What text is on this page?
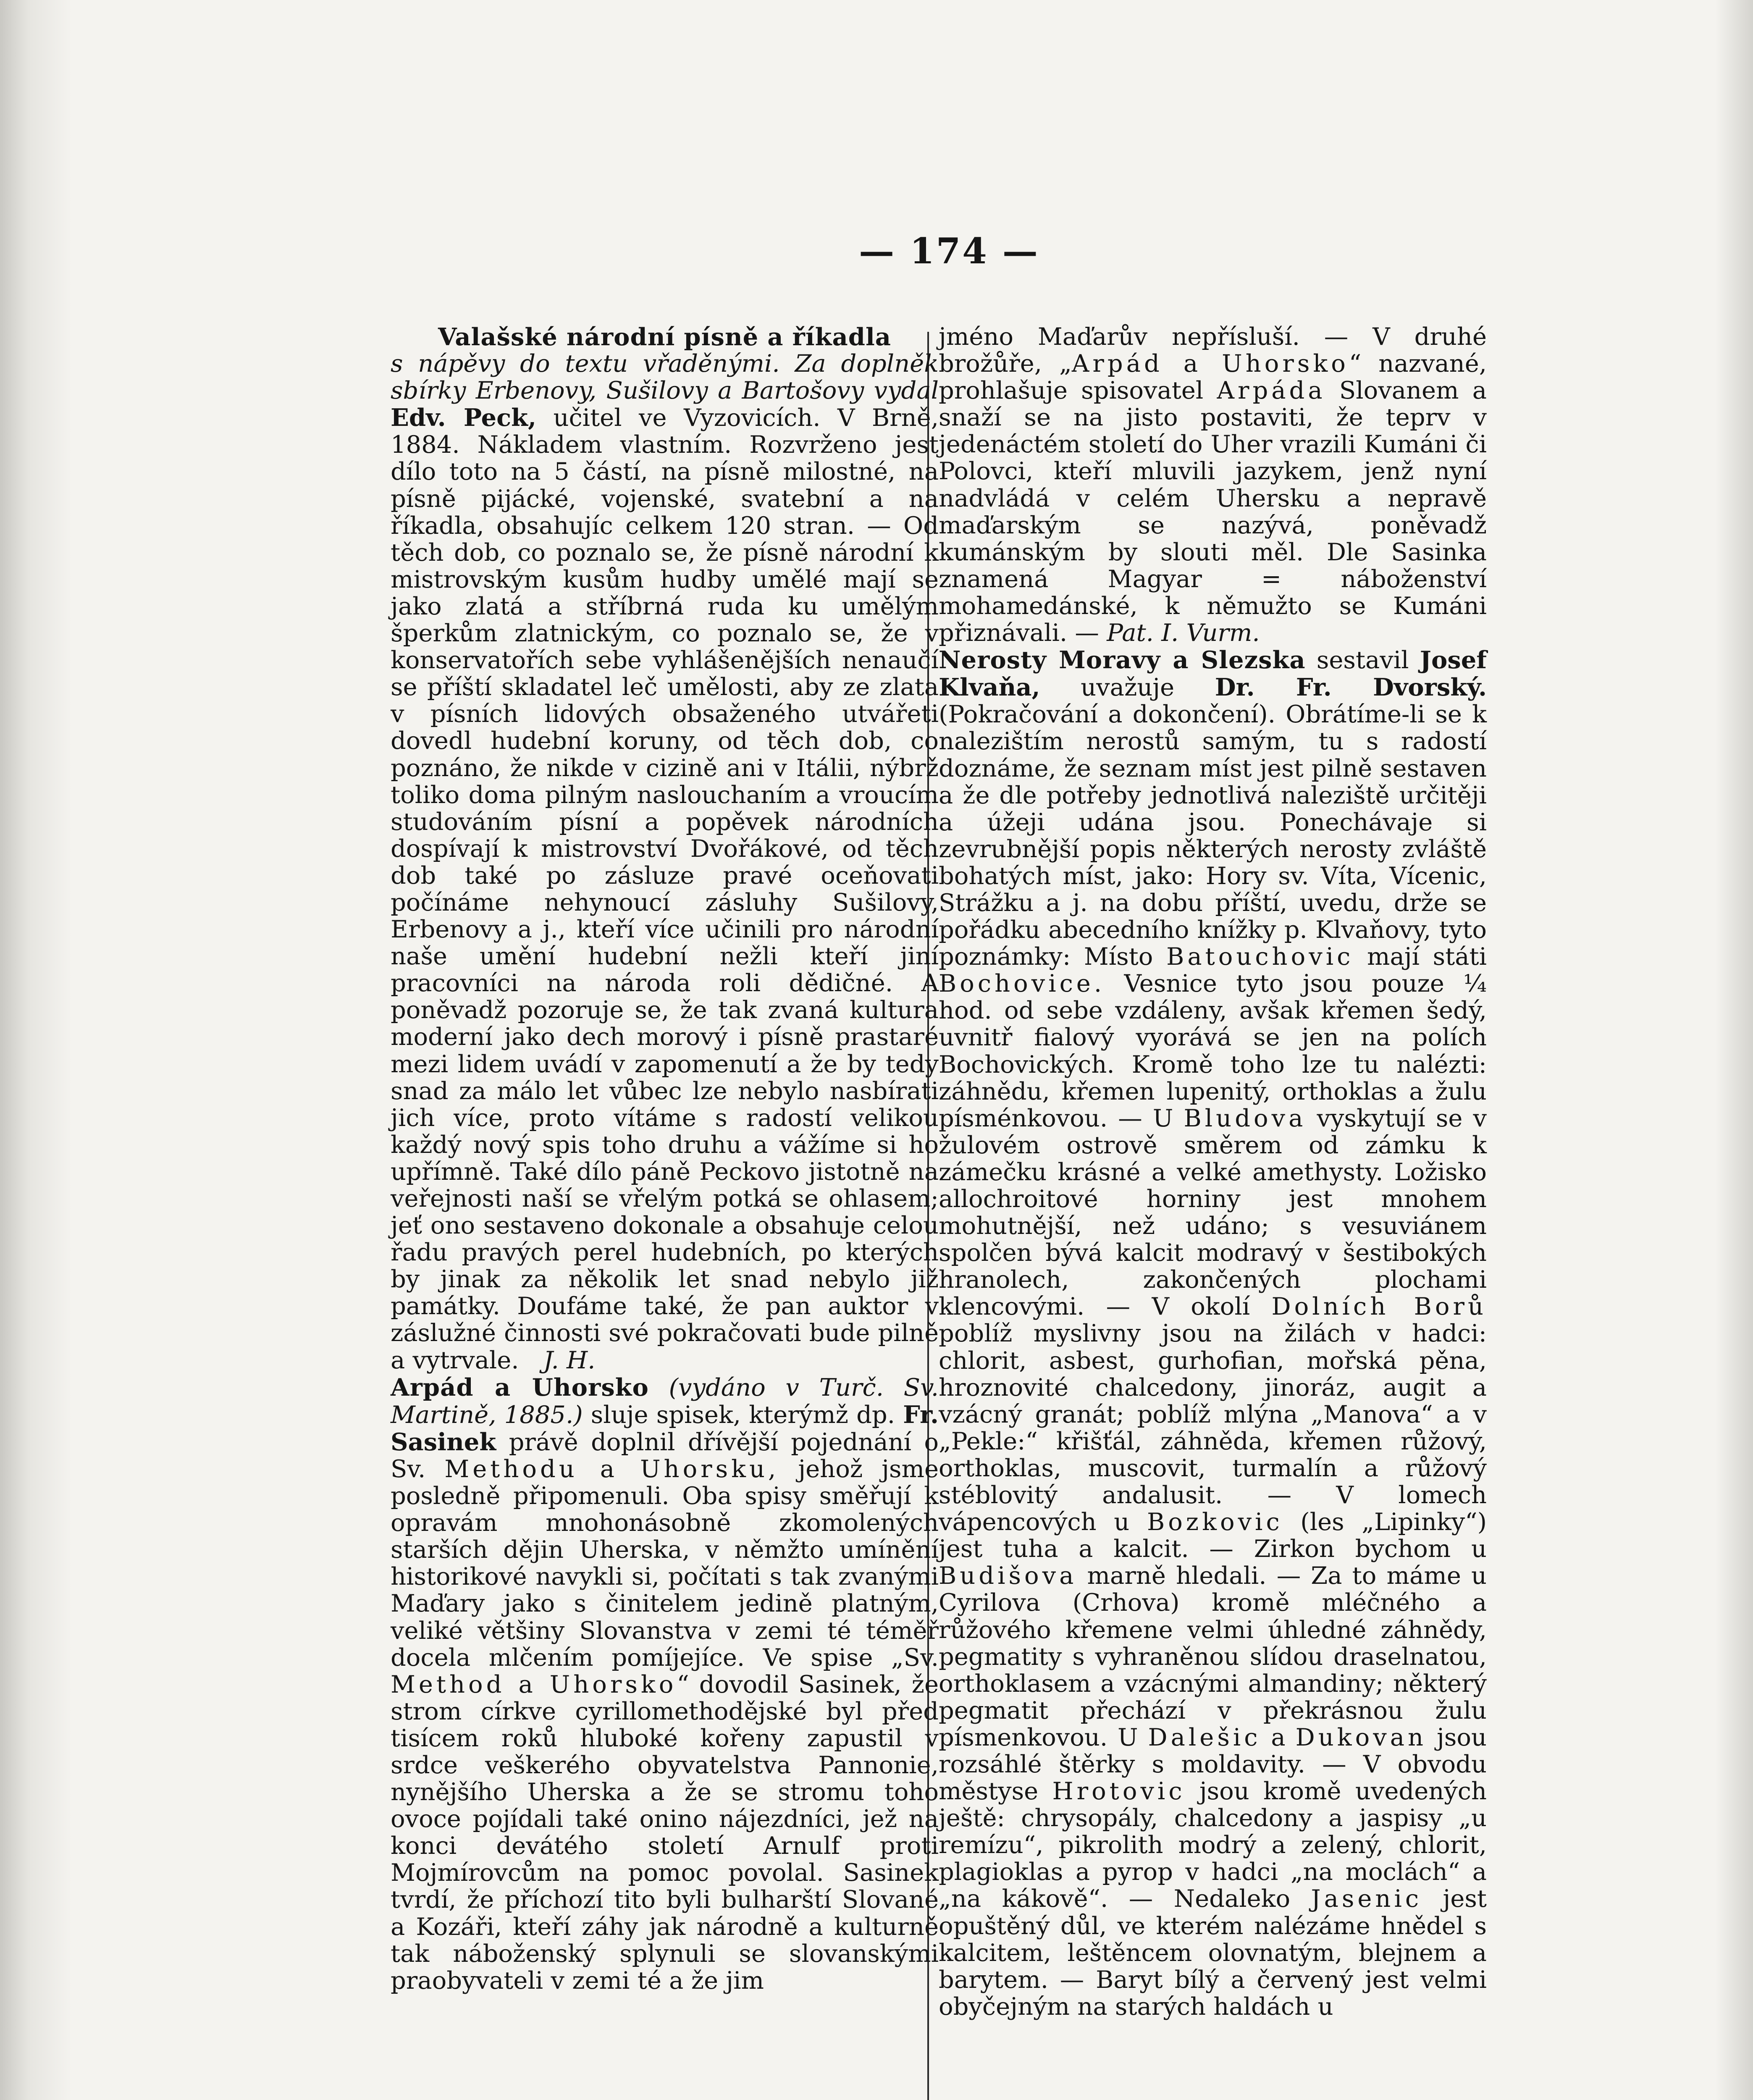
— 174 —

Valašské národní písně a říkadla
s nápěvy do textu vřaděnými. Za doplněk sbírky Erbenovy, Sušilovy a Bartošovy vydal Edv. Peck, učitel ve Vyzovicích. V Brně, 1884. Nákladem vlastním. Rozvrženo jest dílo toto na 5 částí, na písně milostné, na písně pijácké, vojenské, svatební a na říkadla, obsahujíc celkem 120 stran. — Od těch dob, co poznalo se, že písně národní k mistrovským kusům hudby umělé mají se jako zlatá a stříbrná ruda ku umělým šperkům zlatnickým, co poznalo se, že v konservatořích sebe vyhlášenějších nenaučí se příští skladatel leč umělosti, aby ze zlata v písních lidových obsaženého utvářeti dovedl hudební koruny, od těch dob, co poznáno, že nikde v cizině ani v Itálii, nýbrž toliko doma pilným naslouchaním a vroucím studováním písní a popěvek národních dospívají k mistrovství Dvořákové, od těch dob také po zásluze pravé oceňovati počínáme nehynoucí zásluhy Sušilovy, Erbenovy a j., kteří více učinili pro národní naše umění hudební nežli kteří jiní pracovníci na národa roli dědičné. A poněvadž pozorujе se, že tak zvaná kultura moderní jako dech morový i písně prastaré mezi lidem uvádí v zapomenutí a že by tedy snad za málo let vůbec lze nebylo nasbírati jich více, proto vítáme s radostí velikou každý nový spis toho druhu a vážíme si ho upřímně. Také dílo páně Peckovo jistotně na veřejnosti naší se vřelým potká se ohlasem; jeť ono sestaveno dokonale a obsahuje celou řadu pravých perel hudebních, po kterých by jinak za několik let snad nebylo již památky. Doufáme také, že pan auktor v záslužné činnosti své pokračovati bude pilně a vytrvale. J. H.

Arpád a Uhorsko (vydáno v Turč. Sv. Martině, 1885.) sluje spisek, kterýmž dp. Fr. Sasinek právě doplnil dřívější pojednání o Sv. Methodu a Uhorsku, jehož jsme posledně připomenuli. Oba spisy směřují k opravám mnohonásobně zkomolených starších dějin Uherska, v němžto umínění historikové navykli si, počítati s tak zvanými Maďary jako s činitelem jedině platným, veliké většiny Slovanstva v zemi té téměř docela mlčením pomíjejíce. Ve spise „Sv. Method a Uhorsko“ dovodil Sasinek, že strom církve cyrillomethodějské byl před tisícem roků hluboké kořeny zapustil v srdce veškerého obyvatelstva Pannonie, nynějšího Uherska a že se stromu toho ovoce pojídali také onino nájezdníci, jež na konci devátého století Arnulf proti Mojmírovcům na pomoc povolal. Sasinek tvrdí, že příchozí tito byli bulharští Slované a Kozáři, kteří záhy jak národně a kulturně tak náboženský splynuli se slovanskými praobyvateli v zemi té a že jim

jméno Maďarův nepřísluší. — V druhé brožůře, „Arpád a Uhorsko“ nazvané, prohlašuje spisovatel Arpáda Slovanem a snaží se na jisto postaviti, že teprv v jedenáctém století do Uher vrazili Kumáni či Polovci, kteří mluvili jazykem, jenž nyní nadvládá v celém Uhersku a nepravě maďarským se nazývá, poněvadž kumánským by slouti měl. Dle Sasinka znamená Magyar = náboženství mohamedánské, k němužto se Kumáni přiznávali. — Pat. I. Vurm.

Nerosty Moravy a Slezska sestavil Josef Klvaňa, uvažuje Dr. Fr. Dvorský. (Pokračování a dokončení). Obrátíme-li se k nalezištím nerostů samým, tu s radostí doznáme, že seznam míst jest pilně sestaven a že dle potřeby jednotlivá naleziště určitěji a úžeji udána jsou. Ponechávaje si zevrubnější popis některých nerosty zvláště bohatých míst, jako: Hory sv. Víta, Vícenic, Strážku a j. na dobu příští, uvedu, drže se pořádku abecedního knížky p. Klvaňovy, tyto poznámky: Místo Batouchovic mají státi Bochovice. Vesnice tyto jsou pouze ¼ hod. od sebe vzdáleny, avšak křemen šedý, uvnitř fialový vyorává se jen na polích Bochovických. Kromě toho lze tu nalézti: záhnědu, křemen lupenitý, orthoklas a žulu písménkovou. — U Bludova vyskytují se v žulovém ostrově směrem od zámku k zámečku krásné a velké amethysty. Ložisko allochroitové horniny jest mnohem mohutnější, než udáno; s vesuviánem spolčen bývá kalcit modravý v šestibokých hranolech, zakončených plochami klencovými. — V okolí Dolních Borů poblíž myslivny jsou na žilách v hadci: chlorit, asbest, gurhofian, mořská pěna, hroznovité chalcedony, jinoráz, augit a vzácný granát; poblíž mlýna „Manova“ a v „Pekle:“ křišťál, záhněda, křemen růžový, orthoklas, muscovit, turmalín a růžový stéblovitý andalusit. — V lomech vápencových u Bozkovic (les „Lipinky“) jest tuha a kalcit. — Zirkon bychom u Budišova marně hledali. — Za to máme u Cyrilova (Crhova) kromě mléčného a růžového křemene velmi úhledné záhnědy, pegmatity s vyhraněnou slídou draselnatou, orthoklasem a vzácnými almandiny; některý pegmatit přechází v překrásnou žulu písmenkovou. U Dalešic a Dukovan jsou rozsáhlé štěrky s moldavity. — V obvodu městyse Hrotovic jsou kromě uvedených ještě: chrysopály, chalcedony a jaspisy „u remízu“, pikrolith modrý a zelený, chlorit, plagioklas a pyrop v hadci „na moclách“ a „na kákově“. — Nedaleko Jasenic jest opuštěný důl, ve kterém nalézáme hnědel s kalcitem, leštěncem olovnatým, blejnem a barytem. — Baryt bílý a červený jest velmi obyčejným na starých haldách u
